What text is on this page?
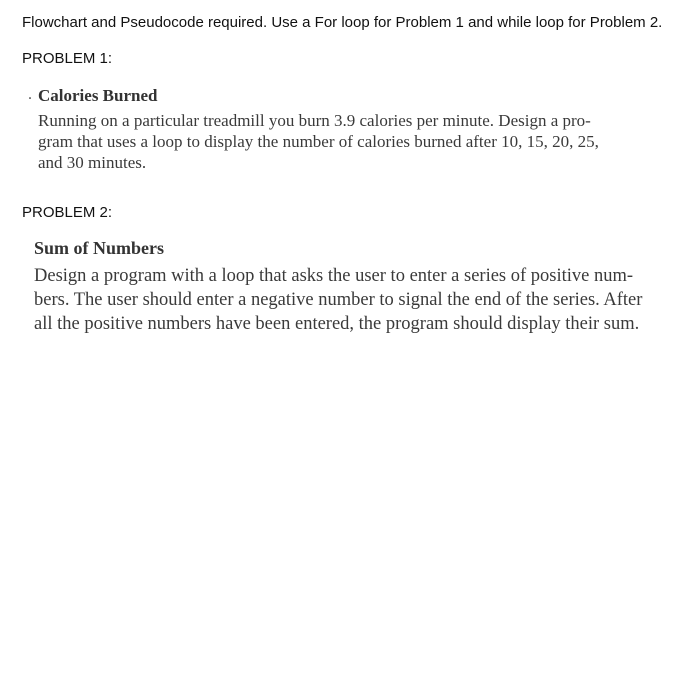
Flowchart and Pseudocode required. Use a For loop for Problem 1 and while loop for Problem 2.
PROBLEM 1:
. Calories Burned
Running on a particular treadmill you burn 3.9 calories per minute. Design a pro-
gram that uses a loop to display the number of calories burned after 10, 15, 20, 25,
and 30 minutes.
PROBLEM 2:
Sum of Numbers
Design a program with a loop that asks the user to enter a series of positive num-
bers. The user should enter a negative number to signal the end of the series. After
all the positive numbers have been entered, the program should display their sum.
